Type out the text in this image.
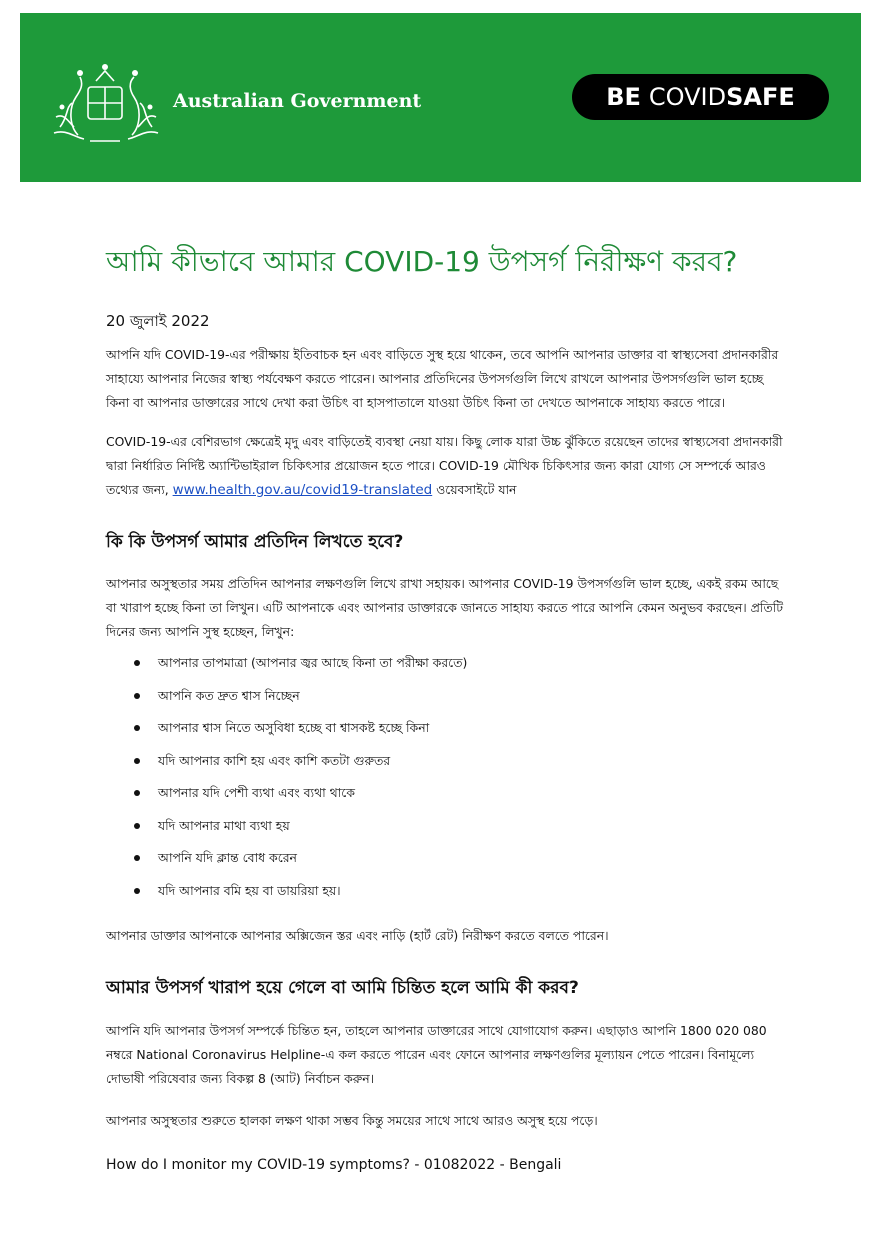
Australian Government	BE COVID SAFE
আমি কীভাবে আমার COVID-19 উপসর্গ নিরীক্ষণ করব?
20 জুলাই 2022

আপনি যদি COVID-19-এর পরীক্ষায় ইতিবাচক হন এবং বাড়িতে সুস্থ হয়ে থাকেন, তবে আপনি আপনার ডাক্তার বা স্বাস্থ্যসেবা প্রদানকারীর সাহায্যে আপনার নিজের স্বাস্থ্য পর্যবেক্ষণ করতে পারেন। আপনার প্রতিদিনের উপসর্গগুলি লিখে রাখলে আপনার উপসর্গগুলি ভাল হচ্ছে কিনা বা আপনার ডাক্তারের সাথে দেখা করা উচিৎ বা হাসপাতালে যাওয়া উচিৎ কিনা তা দেখতে আপনাকে সাহায্য করতে পারে।

COVID-19-এর বেশিরভাগ ক্ষেত্রেই মৃদু এবং বাড়িতেই ব্যবস্থা নেয়া যায়। কিছু লোক যারা উচ্চ ঝুঁকিতে রয়েছেন তাদের স্বাস্থ্যসেবা প্রদানকারী দ্বারা নির্ধারিত নির্দিষ্ট অ্যান্টিভাইরাল চিকিৎসার প্রয়োজন হতে পারে। COVID-19 মৌখিক চিকিৎসার জন্য কারা যোগ্য সে সম্পর্কে আরও তথ্যের জন্য, www.health.gov.au/covid19-translated ওয়েবসাইটে যান

কি কি উপসর্গ আমার প্রতিদিন লিখতে হবে?

আপনার অসুস্থতার সময় প্রতিদিন আপনার লক্ষণগুলি লিখে রাখা সহায়ক। আপনার COVID-19 উপসর্গগুলি ভাল হচ্ছে, একই রকম আছে বা খারাপ হচ্ছে কিনা তা লিখুন। এটি আপনাকে এবং আপনার ডাক্তারকে জানতে সাহায্য করতে পারে আপনি কেমন অনুভব করছেন। প্রতিটি দিনের জন্য আপনি সুস্থ হচ্ছেন, লিখুন:

আপনার তাপমাত্রা (আপনার জ্বর আছে কিনা তা পরীক্ষা করতে)
আপনি কত দ্রুত শ্বাস নিচ্ছেন
আপনার শ্বাস নিতে অসুবিধা হচ্ছে বা শ্বাসকষ্ট হচ্ছে কিনা
যদি আপনার কাশি হয় এবং কাশি কতটা গুরুতর
আপনার যদি পেশী ব্যথা এবং ব্যথা থাকে
যদি আপনার মাথা ব্যথা হয়
আপনি যদি ক্লান্ত বোধ করেন
যদি আপনার বমি হয় বা ডায়রিয়া হয়।

আপনার ডাক্তার আপনাকে আপনার অক্সিজেন স্তর এবং নাড়ি (হার্ট রেট) নিরীক্ষণ করতে বলতে পারেন।

আমার উপসর্গ খারাপ হয়ে গেলে বা আমি চিন্তিত হলে আমি কী করব?

আপনি যদি আপনার উপসর্গ সম্পর্কে চিন্তিত হন, তাহলে আপনার ডাক্তারের সাথে যোগাযোগ করুন। এছাড়াও আপনি 1800 020 080 নম্বরে National Coronavirus Helpline-এ কল করতে পারেন এবং ফোনে আপনার লক্ষণগুলির মূল্যায়ন পেতে পারেন। বিনামূল্যে দোভাষী পরিষেবার জন্য বিকল্প 8 (আট) নির্বাচন করুন।

আপনার অসুস্থতার শুরুতে হালকা লক্ষণ থাকা সম্ভব কিন্তু সময়ের সাথে সাথে আরও অসুস্থ হয়ে পড়ে।

How do I monitor my COVID-19 symptoms? - 01082022 - Bengali
